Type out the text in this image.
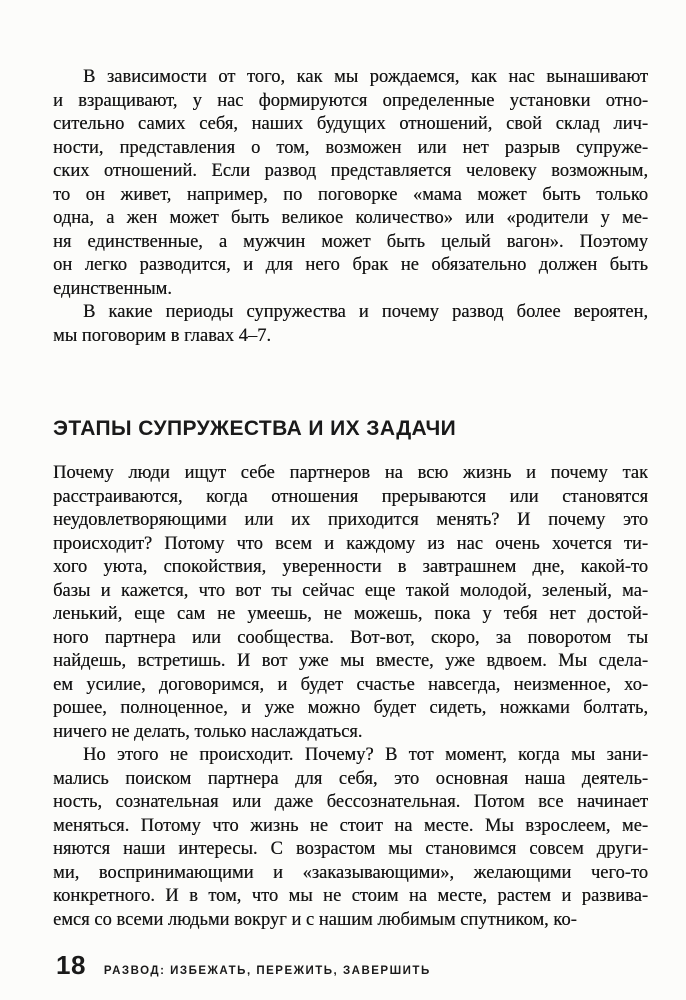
В зависимости от того, как мы рождаемся, как нас вынашивают
и взращивают, у нас формируются определенные установки отно-
сительно самих себя, наших будущих отношений, свой склад лич-
ности, представления о том, возможен или нет разрыв супруже-
ских отношений. Если развод представляется человеку возможным,
то он живет, например, по поговорке «мама может быть только
одна, а жен может быть великое количество» или «родители у ме-
ня единственные, а мужчин может быть целый вагон». Поэтому
он легко разводится, и для него брак не обязательно должен быть
единственным.

В какие периоды супружества и почему развод более вероятен,
мы поговорим в главах 4–7.

ЭТАПЫ СУПРУЖЕСТВА И ИХ ЗАДАЧИ

Почему люди ищут себе партнеров на всю жизнь и почему так
расстраиваются, когда отношения прерываются или становятся
неудовлетворяющими или их приходится менять? И почему это
происходит? Потому что всем и каждому из нас очень хочется ти-
хого уюта, спокойствия, уверенности в завтрашнем дне, какой-то
базы и кажется, что вот ты сейчас еще такой молодой, зеленый, ма-
ленький, еще сам не умеешь, не можешь, пока у тебя нет достой-
ного партнера или сообщества. Вот-вот, скоро, за поворотом ты
найдешь, встретишь. И вот уже мы вместе, уже вдвоем. Мы сдела-
ем усилие, договоримся, и будет счастье навсегда, неизменное, хо-
рошее, полноценное, и уже можно будет сидеть, ножками болтать,
ничего не делать, только наслаждаться.

Но этого не происходит. Почему? В тот момент, когда мы зани-
мались поиском партнера для себя, это основная наша деятель-
ность, сознательная или даже бессознательная. Потом все начинает
меняться. Потому что жизнь не стоит на месте. Мы взрослеем, ме-
няются наши интересы. С возрастом мы становимся совсем други-
ми, воспринимающими и «заказывающими», желающими чего-то
конкретного. И в том, что мы не стоим на месте, растем и развива-
емся со всеми людьми вокруг и с нашим любимым спутником, ко-

18 РАЗВОД: ИЗБЕЖАТЬ, ПЕРЕЖИТЬ, ЗАВЕРШИТЬ
